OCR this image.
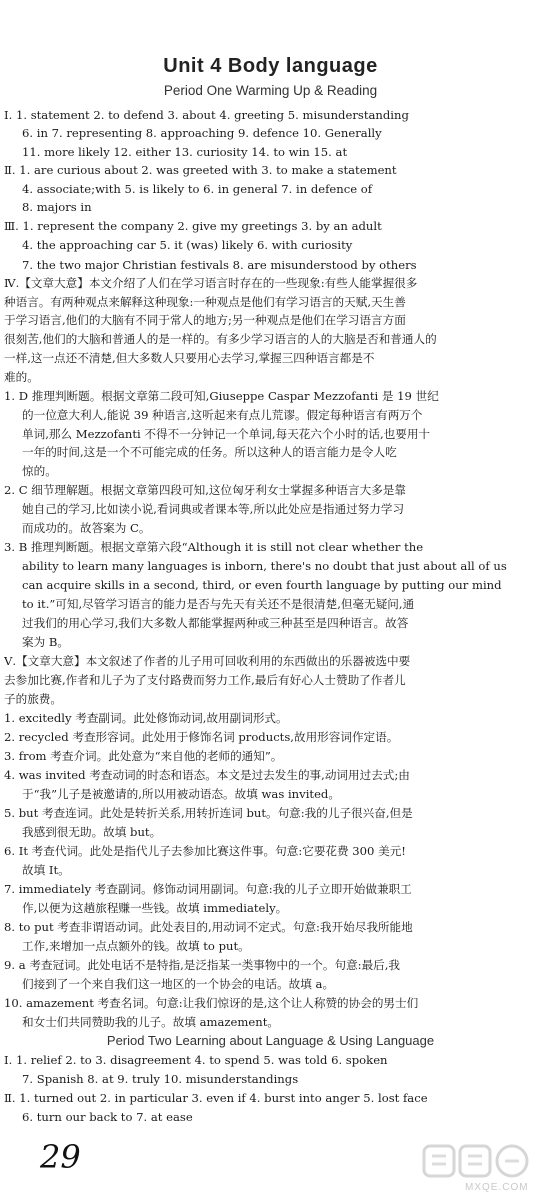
Unit 4 Body language
Period One Warming Up & Reading
Ⅰ. 1. statement 2. to defend 3. about 4. greeting 5. misunderstanding
6. in 7. representing 8. approaching 9. defence 10. Generally
11. more likely 12. either 13. curiosity 14. to win 15. at
Ⅱ. 1. are curious about 2. was greeted with 3. to make a statement
4. associate;with 5. is likely to 6. in general 7. in defence of
8. majors in
Ⅲ. 1. represent the company 2. give my greetings 3. by an adult
4. the approaching car 5. it (was) likely 6. with curiosity
7. the two major Christian festivals 8. are misunderstood by others
Ⅳ.【文章大意】本文介绍了人们在学习语言时存在的一些现象:有些人能掌握很多
种语言。有两种观点来解释这种现象:一种观点是他们有学习语言的天赋,天生善
于学习语言,他们的大脑有不同于常人的地方;另一种观点是他们在学习语言方面
很刻苦,他们的大脑和普通人的是一样的。有多少学习语言的人的大脑是否和普通人的
一样,这一点还不清楚,但大多数人只要用心去学习,掌握三四种语言都是不
难的。
1. D 推理判断题。根据文章第二段可知,Giuseppe Caspar Mezzofanti 是 19 世纪
的一位意大利人,能说 39 种语言,这听起来有点儿荒谬。假定每种语言有两万个
单词,那么 Mezzofanti 不得不一分钟记一个单词,每天花六个小时的话,也要用十
一年的时间,这是一个不可能完成的任务。所以这种人的语言能力是令人吃
惊的。
2. C 细节理解题。根据文章第四段可知,这位匈牙利女士掌握多种语言大多是靠
她自己的学习,比如读小说,看词典或者课本等,所以此处应是指通过努力学习
而成功的。故答案为 C。
3. B 推理判断题。根据文章第六段“Although it is still not clear whether the
ability to learn many languages is inborn, there's no doubt that just about all of us
can acquire skills in a second, third, or even fourth language by putting our mind
to it.”可知,尽管学习语言的能力是否与先天有关还不是很清楚,但毫无疑问,通
过我们的用心学习,我们大多数人都能掌握两种或三种甚至是四种语言。故答
案为 B。
Ⅴ.【文章大意】本文叙述了作者的儿子用可回收利用的东西做出的乐器被选中要
去参加比赛,作者和儿子为了支付路费而努力工作,最后有好心人士赞助了作者儿
子的旅费。
1. excitedly 考查副词。此处修饰动词,故用副词形式。
2. recycled 考查形容词。此处用于修饰名词 products,故用形容词作定语。
3. from 考查介词。此处意为“来自他的老师的通知”。
4. was invited 考查动词的时态和语态。本文是过去发生的事,动词用过去式;由
于“我”儿子是被邀请的,所以用被动语态。故填 was invited。
5. but 考查连词。此处是转折关系,用转折连词 but。句意:我的儿子很兴奋,但是
我感到很无助。故填 but。
6. It 考查代词。此处是指代儿子去参加比赛这件事。句意:它要花费 300 美元!
故填 It。
7. immediately 考查副词。修饰动词用副词。句意:我的儿子立即开始做兼职工
作,以便为这趟旅程赚一些钱。故填 immediately。
8. to put 考查非谓语动词。此处表目的,用动词不定式。句意:我开始尽我所能地
工作,来增加一点点额外的钱。故填 to put。
9. a 考查冠词。此处电话不是特指,是泛指某一类事物中的一个。句意:最后,我
们接到了一个来自我们这一地区的一个协会的电话。故填 a。
10. amazement 考查名词。句意:让我们惊讶的是,这个让人称赞的协会的男士们
和女士们共同赞助我的儿子。故填 amazement。
Ⅰ. 1. relief 2. to 3. disagreement 4. to spend 5. was told 6. spoken
7. Spanish 8. at 9. truly 10. misunderstandings
Ⅱ. 1. turned out 2. in particular 3. even if 4. burst into anger 5. lost face
6. turn our back to 7. at ease
Period Two Learning about Language & Using Language
29
MXQE.COM
